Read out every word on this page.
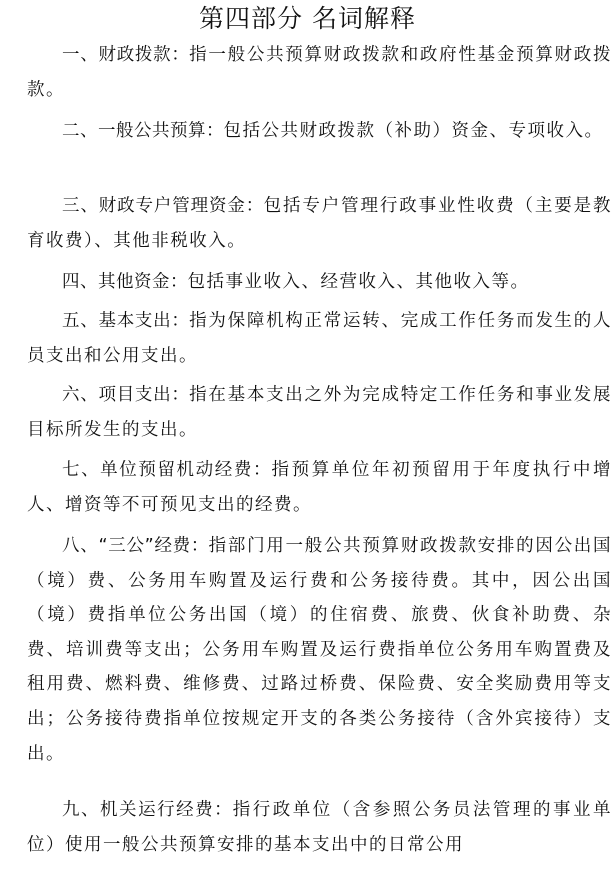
第四部分 名词解释

一、财政拨款：指一般公共预算财政拨款和政府性基金预算财政拨款。

二、一般公共预算：包括公共财政拨款（补助）资金、专项收入。

三、财政专户管理资金：包括专户管理行政事业性收费（主要是教育收费）、其他非税收入。

四、其他资金：包括事业收入、经营收入、其他收入等。

五、基本支出：指为保障机构正常运转、完成工作任务而发生的人员支出和公用支出。

六、项目支出：指在基本支出之外为完成特定工作任务和事业发展目标所发生的支出。

七、单位预留机动经费：指预算单位年初预留用于年度执行中增人、增资等不可预见支出的经费。

八、“三公”经费：指部门用一般公共预算财政拨款安排的因公出国（境）费、公务用车购置及运行费和公务接待费。其中，因公出国（境）费指单位公务出国（境）的住宿费、旅费、伙食补助费、杂费、培训费等支出；公务用车购置及运行费指单位公务用车购置费及租用费、燃料费、维修费、过路过桥费、保险费、安全奖励费用等支出；公务接待费指单位按规定开支的各类公务接待（含外宾接待）支出。

九、机关运行经费：指行政单位（含参照公务员法管理的事业单位）使用一般公共预算安排的基本支出中的日常公用
